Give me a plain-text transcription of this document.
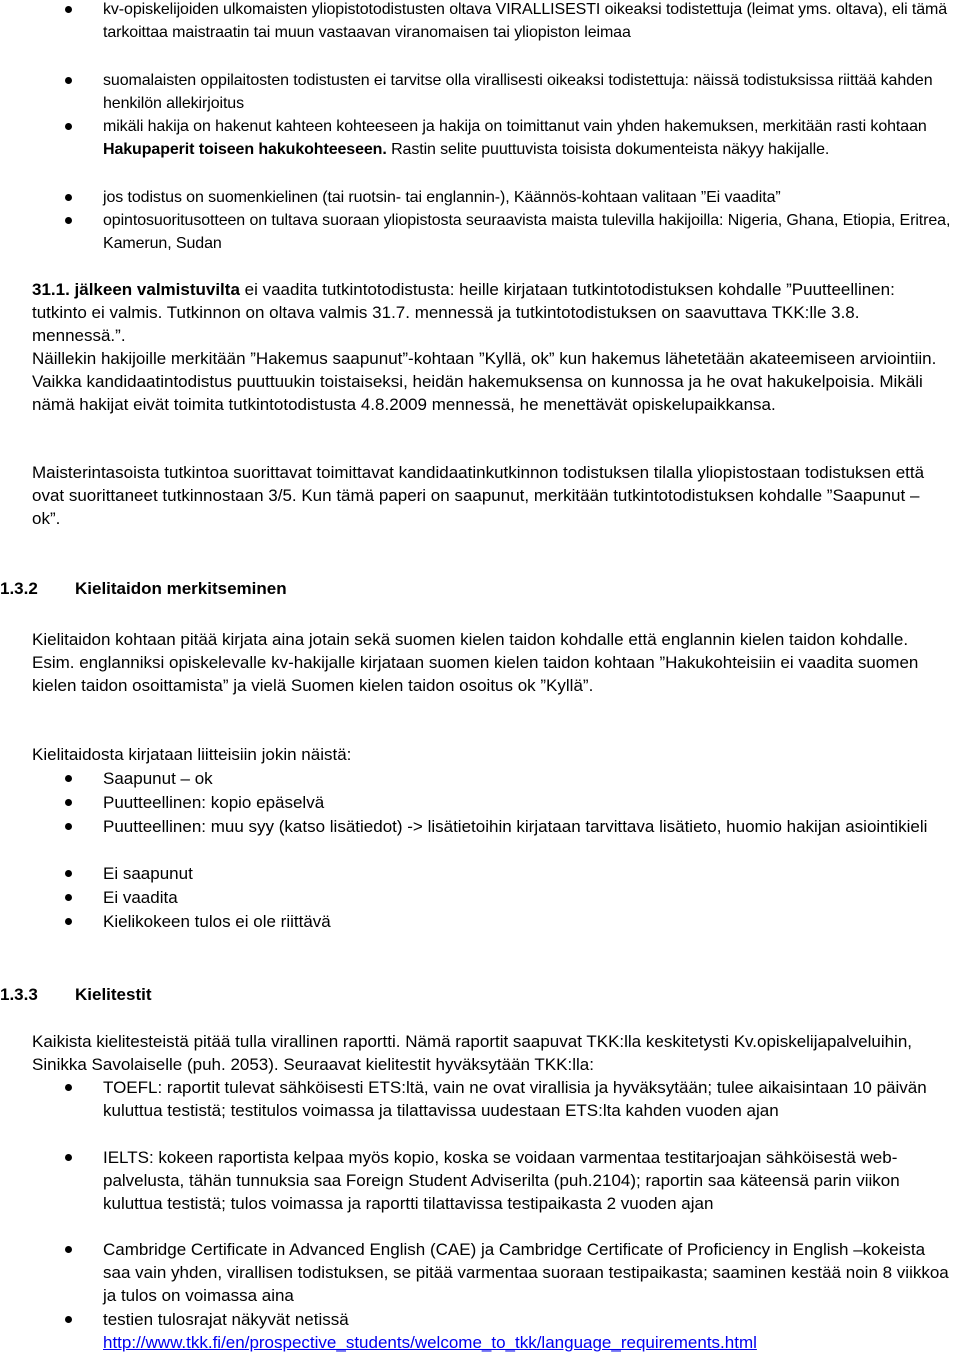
kv-opiskelijoiden ulkomaisten yliopistotodistusten oltava VIRALLISESTI oikeaksi todistettuja (leimat yms. oltava), eli tämä tarkoittaa maistraatin tai muun vastaavan viranomaisen tai yliopiston leimaa
suomalaisten oppilaitosten todistusten ei tarvitse olla virallisesti oikeaksi todistettuja: näissä todistuksissa riittää kahden henkilön allekirjoitus
mikäli hakija on hakenut kahteen kohteeseen ja hakija on toimittanut vain yhden hakemuksen, merkitään rasti kohtaan Hakupaperit toiseen hakukohteeseen. Rastin selite puuttuvista toisista dokumenteista näkyy hakijalle.
jos todistus on suomenkielinen (tai ruotsin- tai englannin-), Käännös-kohtaan valitaan ”Ei vaadita”
opintosuoritusotteen on tultava suoraan yliopistosta seuraavista maista tulevilla hakijoilla: Nigeria, Ghana, Etiopia, Eritrea, Kamerun, Sudan

31.1. jälkeen valmistuvilta ei vaadita tutkintotodistusta: heille kirjataan tutkintotodistuksen kohdalle ”Puutteellinen: tutkinto ei valmis. Tutkinnon on oltava valmis 31.7. mennessä ja tutkintotodistuksen on saavuttava TKK:lle 3.8. mennessä.”.

Näillekin hakijoille merkitään ”Hakemus saapunut”-kohtaan ”Kyllä, ok” kun hakemus lähetetään akateemiseen arviointiin. Vaikka kandidaatintodistus puuttuukin toistaiseksi, heidän hakemuksensa on kunnossa ja he ovat hakukelpoisia. Mikäli nämä hakijat eivät toimita tutkintotodistusta 4.8.2009 mennessä, he menettävät opiskelupaikkansa.

Maisterintasoista tutkintoa suorittavat toimittavat kandidaatinkutkinnon todistuksen tilalla yliopistostaan todistuksen että ovat suorittaneet tutkinnostaan 3/5. Kun tämä paperi on saapunut, merkitään tutkintotodistuksen kohdalle ”Saapunut – ok”.

1.3.2 Kielitaidon merkitseminen

Kielitaidon kohtaan pitää kirjata aina jotain sekä suomen kielen taidon kohdalle että englannin kielen taidon kohdalle. Esim. englanniksi opiskelevalle kv-hakijalle kirjataan suomen kielen taidon kohtaan ”Hakukohteisiin ei vaadita suomen kielen taidon osoittamista” ja vielä Suomen kielen taidon osoitus ok ”Kyllä”.

Kielitaidosta kirjataan liitteisiin jokin näistä:

Saapunut – ok
Puutteellinen: kopio epäselvä
Puutteellinen: muu syy (katso lisätiedot) -> lisätietoihin kirjataan tarvittava lisätieto, huomio hakijan asiointikieli
Ei saapunut
Ei vaadita
Kielikokeen tulos ei ole riittävä
1.3.3 Kielitestit

Kaikista kielitesteistä pitää tulla virallinen raportti. Nämä raportit saapuvat TKK:lla keskitetysti Kv.opiskelijapalveluihin, Sinikka Savolaiselle (puh. 2053). Seuraavat kielitestit hyväksytään TKK:lla:

TOEFL: raportit tulevat sähköisesti ETS:ltä, vain ne ovat virallisia ja hyväksytään; tulee aikaisintaan 10 päivän kuluttua testistä; testitulos voimassa ja tilattavissa uudestaan ETS:lta kahden vuoden ajan
IELTS: kokeen raportista kelpaa myös kopio, koska se voidaan varmentaa testitarjoajan sähköisestä web-palvelusta, tähän tunnuksia saa Foreign Student Adviserilta (puh.2104); raportin saa käteensä parin viikon kuluttua testistä; tulos voimassa ja raportti tilattavissa testipaikasta 2 vuoden ajan
Cambridge Certificate in Advanced English (CAE) ja Cambridge Certificate of Proficiency in English –kokeista saa vain yhden, virallisen todistuksen, se pitää varmentaa suoraan testipaikasta; saaminen kestää noin 8 viikkoa ja tulos on voimassa aina
testien tulosrajat näkyvät netissä
http://www.tkk.fi/en/prospective_students/welcome_to_tkk/language_requirements.html
